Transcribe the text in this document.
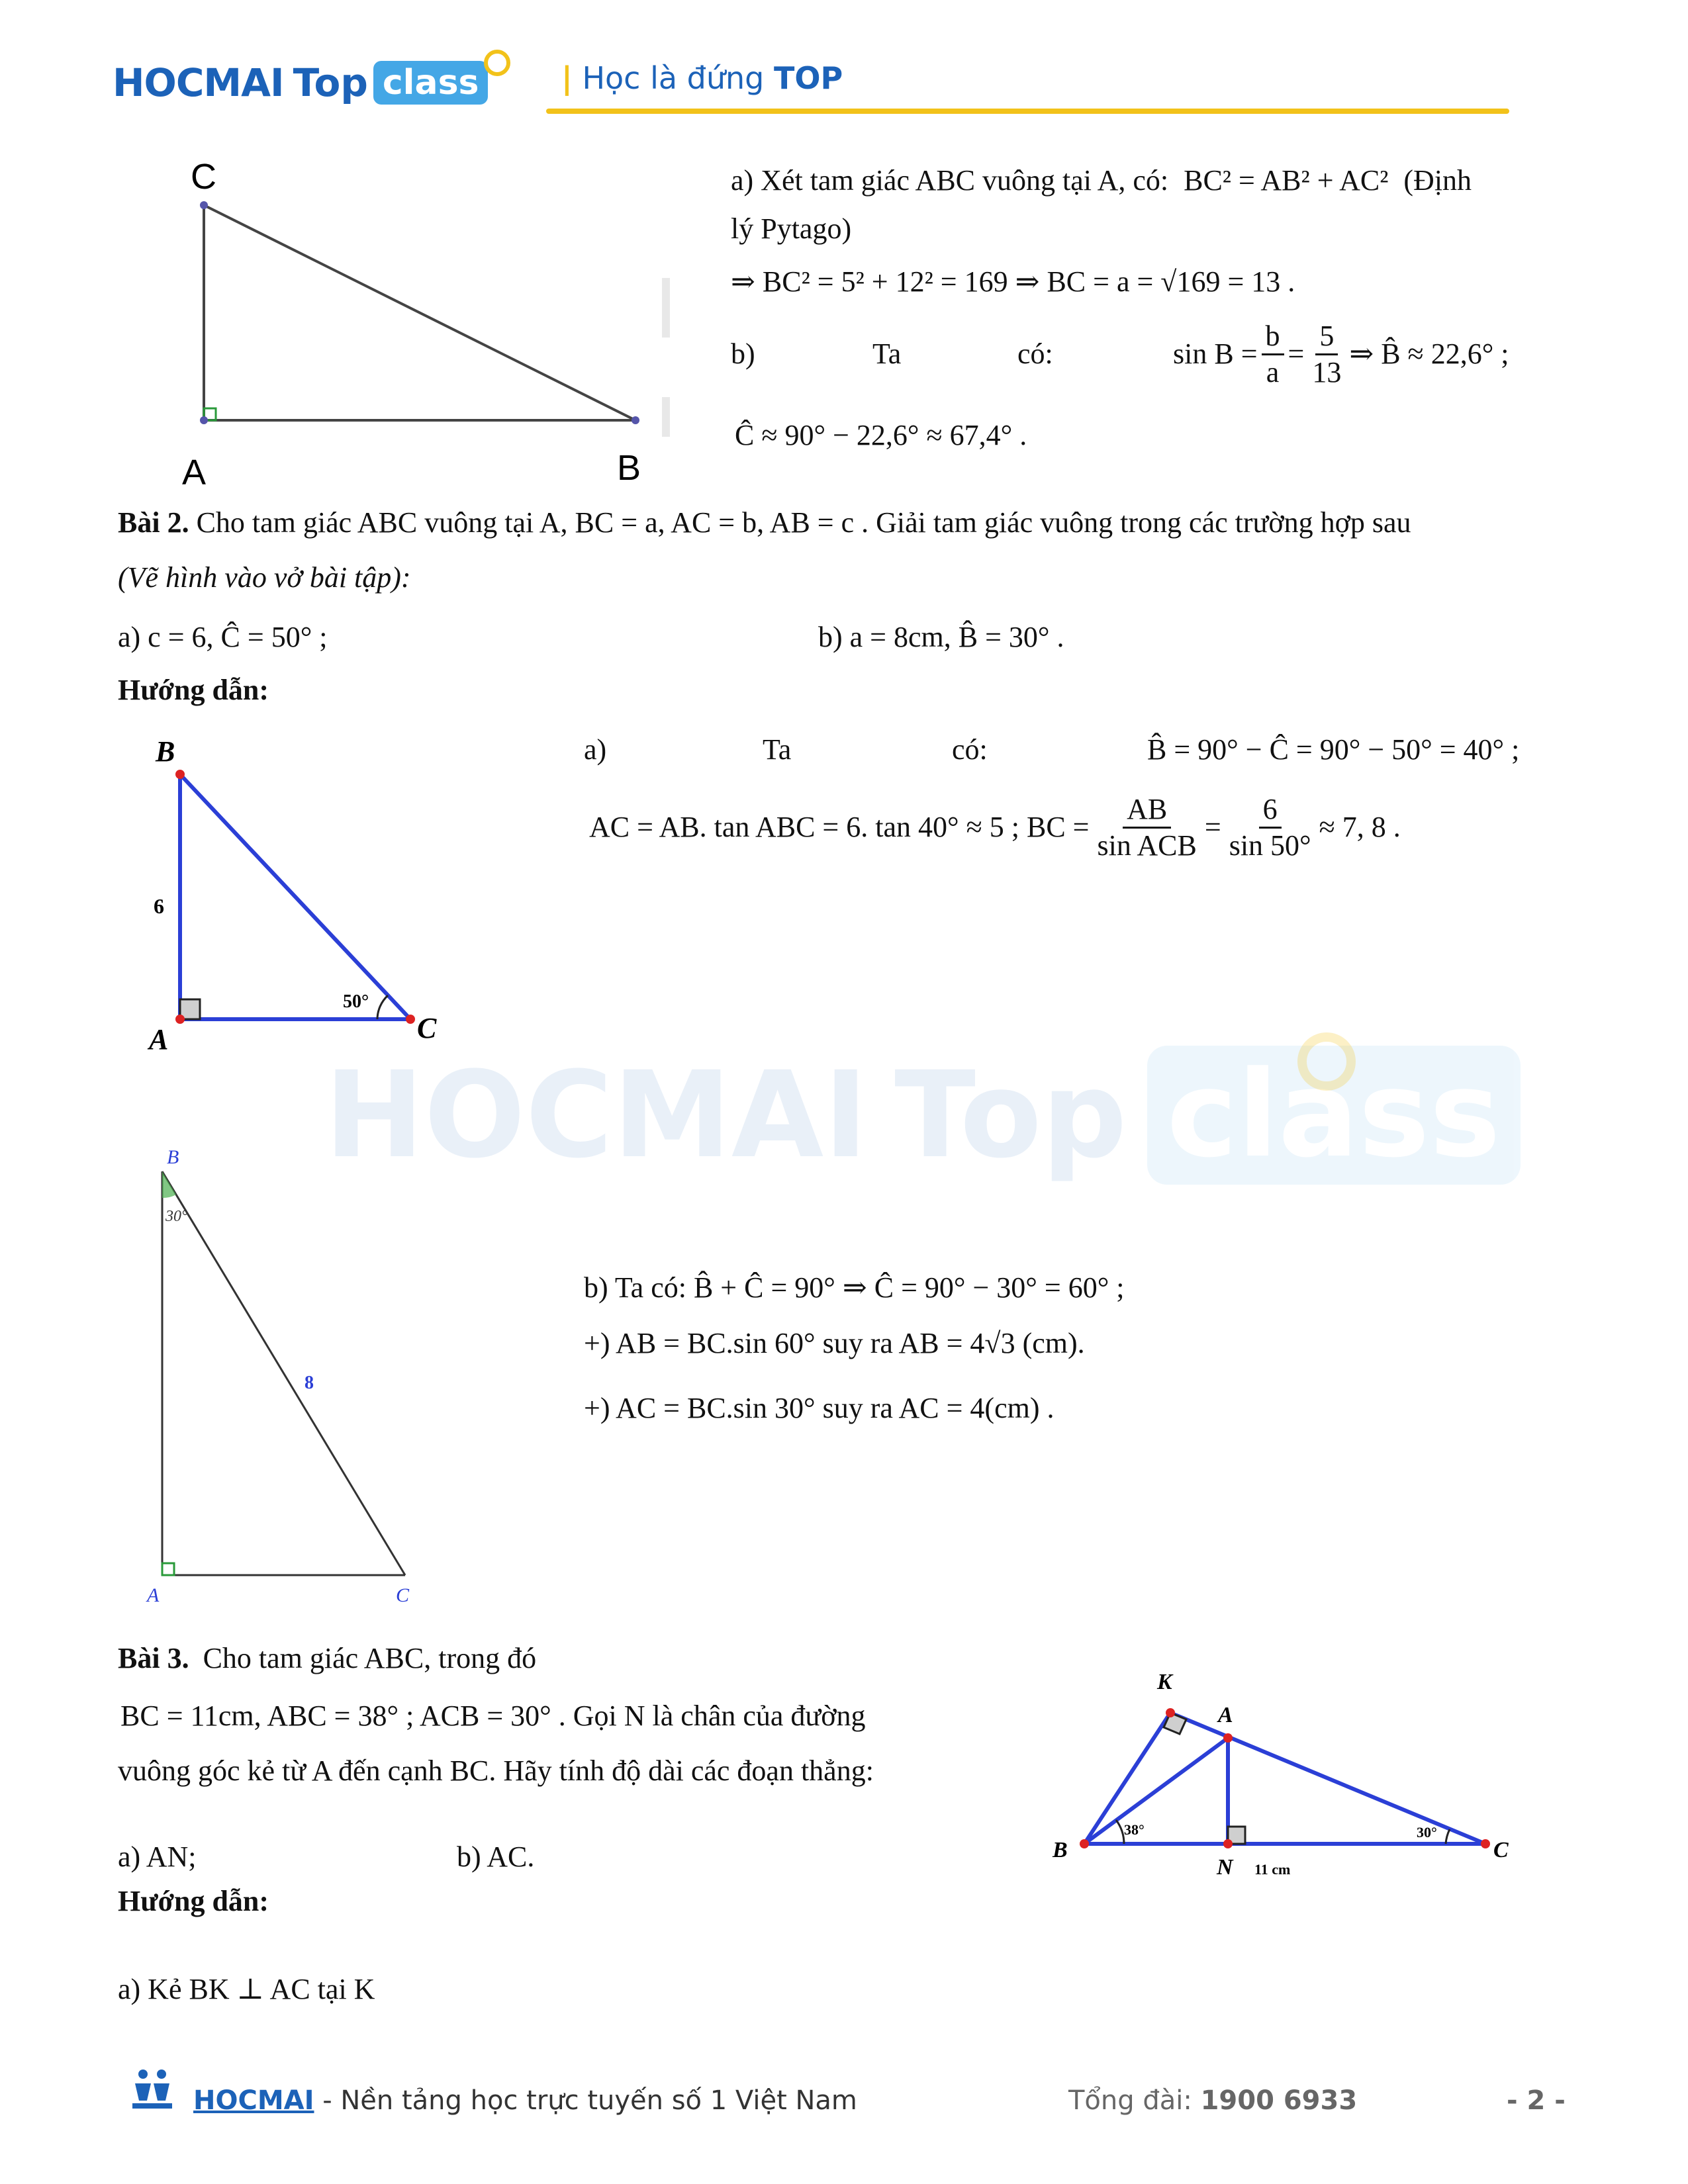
HOCMAI Top class	| Học là đứng TOP
HOCMAI Top class
C
A	B
a) Xét tam giác ABC vuông tại A, có: BC² = AB² + AC² (Định
lý Pytago)
⇒ BC² = 5² + 12² = 169 ⇒ BC = a = √169 = 13 .
b)	Ta	có:	$\sin B = \frac{b}{a} = \frac{5}{13}$ ⇒ B̂ ≈ 22,6° ;
Ĉ ≈ 90° − 22,6° ≈ 67,4° .
Bài 2. Cho tam giác ABC vuông tại A, BC = a, AC = b, AB = c . Giải tam giác vuông trong các trường hợp sau
(Vẽ hình vào vở bài tập):
a) c = 6, Ĉ = 50° ;	b) a = 8cm, B̂ = 30° .
Hướng dẫn:
B
A	C
6
50°
a)	Ta	có:	B̂ = 90° − Ĉ = 90° − 50° = 40° ;
AC = AB. tan ABC = 6. tan 40° ≈ 5 ; BC = $\frac{AB}{\text{sin ACB}} = \frac{6}{\sin 50^\circ} \approx 7$, 8 .
B
A	C
8
30°
b) Ta có: B̂ + Ĉ = 90° ⇒ Ĉ = 90° − 30° = 60° ;
+) AB = BC.sin 60° suy ra AB = 4√3 (cm).
+) AC = BC.sin 30° suy ra AC = 4(cm) .
Bài 3. Cho tam giác ABC, trong đó
BC = 11cm, ABC = 38° ; ACB = 30° . Gọi N là chân của đường
vuông góc kẻ từ A đến cạnh BC. Hãy tính độ dài các đoạn thẳng:
a) AN;	b) AC.
Hướng dẫn:
a) Kẻ BK ⊥ AC tại K
K
A
B
N
C
38°	30°
11 cm
HOCMAI - Nền tảng học trực tuyến số 1 Việt Nam	Tổng đài: 1900 6933	- 2 -
